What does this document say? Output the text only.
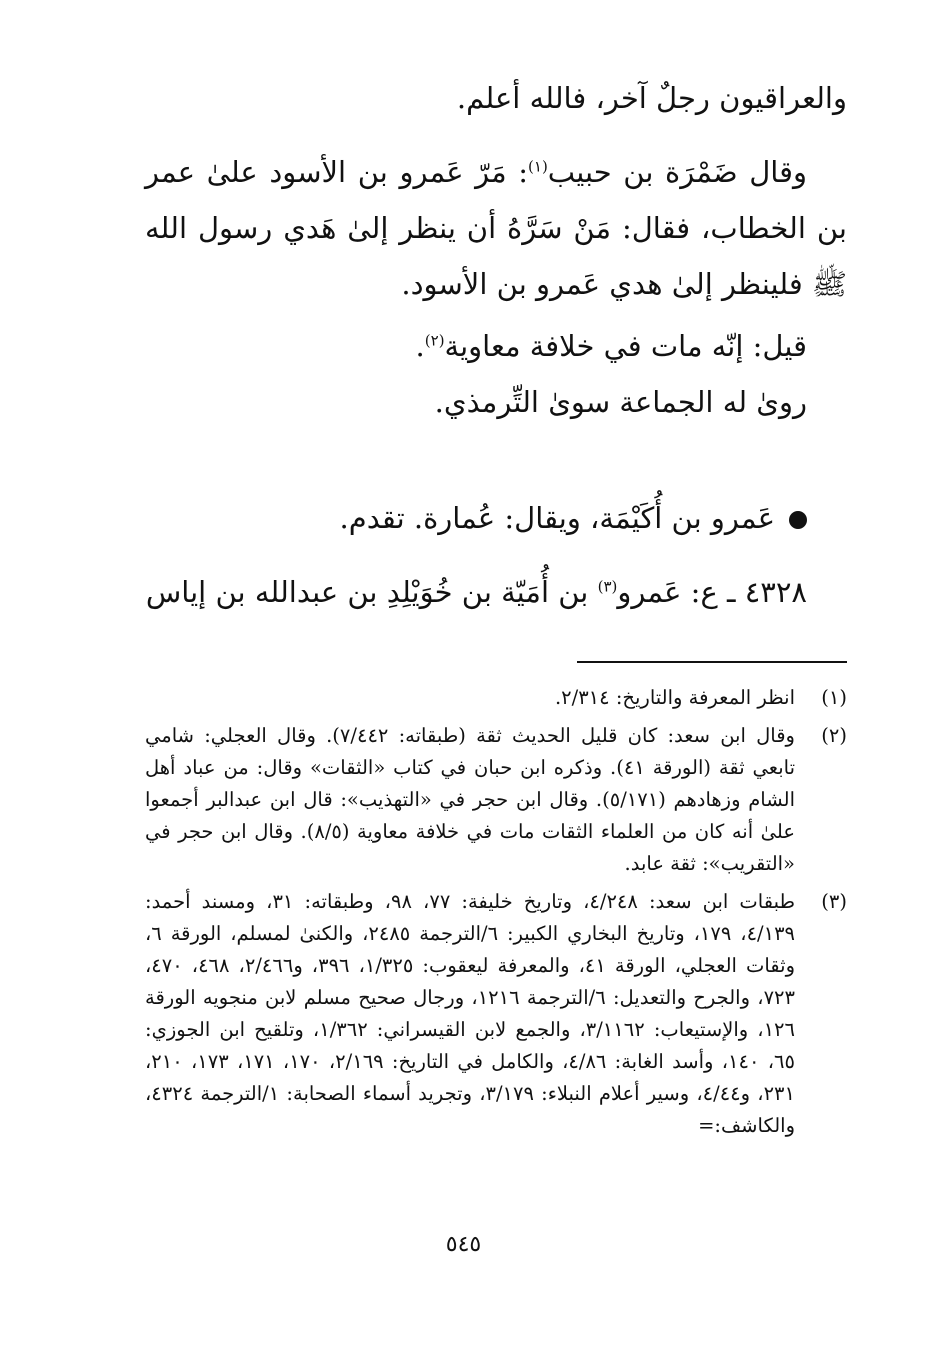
والعراقيون رجلٌ آخر، فالله أعلم.

وقال ضَمْرَة بن حبيب$^{(١)}$: مَرّ عَمرو بن الأسود علىٰ عمر بن الخطاب، فقال: مَنْ سَرَّهُ أن ينظر إلىٰ هَدي رسول الله ﷺ فلينظر إلىٰ هدي عَمرو بن الأسود.

قيل: إنّه مات في خلافة معاوية$^{(٢)}$.

رویٰ له الجماعة سویٰ التِّرمذي.

عَمرو بن أُكَيْمَة، ويقال: عُمارة. تقدم.

٤٣٢٨ ـ ع: عَمرو$^{(٣)}$ بن أُمَيّة بن خُوَيْلِدِ بن عبدالله بن إياس

(١)
انظر المعرفة والتاريخ: ٢/٣١٤.
(٢)
وقال ابن سعد: كان قليل الحديث ثقة (طبقاته: ٧/٤٤٢). وقال العجلي: شامي تابعي ثقة (الورقة ٤١). وذكره ابن حبان في كتاب «الثقات» وقال: من عباد أهل الشام وزهادهم (٥/١٧١). وقال ابن حجر في «التهذيب»: قال ابن عبدالبر أجمعوا علىٰ أنه كان من العلماء الثقات مات في خلافة معاوية (٨/٥). وقال ابن حجر في «التقريب»: ثقة عابد.
(٣)
طبقات ابن سعد: ٤/٢٤٨، وتاريخ خليفة: ٧٧، ٩٨، وطبقاته: ٣١، ومسند أحمد: ٤/١٣٩، ١٧٩، وتاريخ البخاري الكبير: ٦/الترجمة ٢٤٨٥، والكنىٰ لمسلم، الورقة ٦، وثقات العجلي، الورقة ٤١، والمعرفة ليعقوب: ١/٣٢٥، ٣٩٦، و٢/٤٦٦، ٤٦٨، ٤٧٠، ٧٢٣، والجرح والتعديل: ٦/الترجمة ١٢١٦، ورجال صحيح مسلم لابن منجويه الورقة ١٢٦، والإستيعاب: ٣/١١٦٢، والجمع لابن القيسراني: ١/٣٦٢، وتلقيح ابن الجوزي: ٦٥، ١٤٠، وأسد الغابة: ٤/٨٦، والكامل في التاريخ: ٢/١٦٩، ١٧٠، ١٧١، ١٧٣، ٢١٠، ٢٣١، و٤/٤٤، وسير أعلام النبلاء: ٣/١٧٩، وتجريد أسماء الصحابة: ١/الترجمة ٤٣٢٤، والكاشف:=
٥٤٥
